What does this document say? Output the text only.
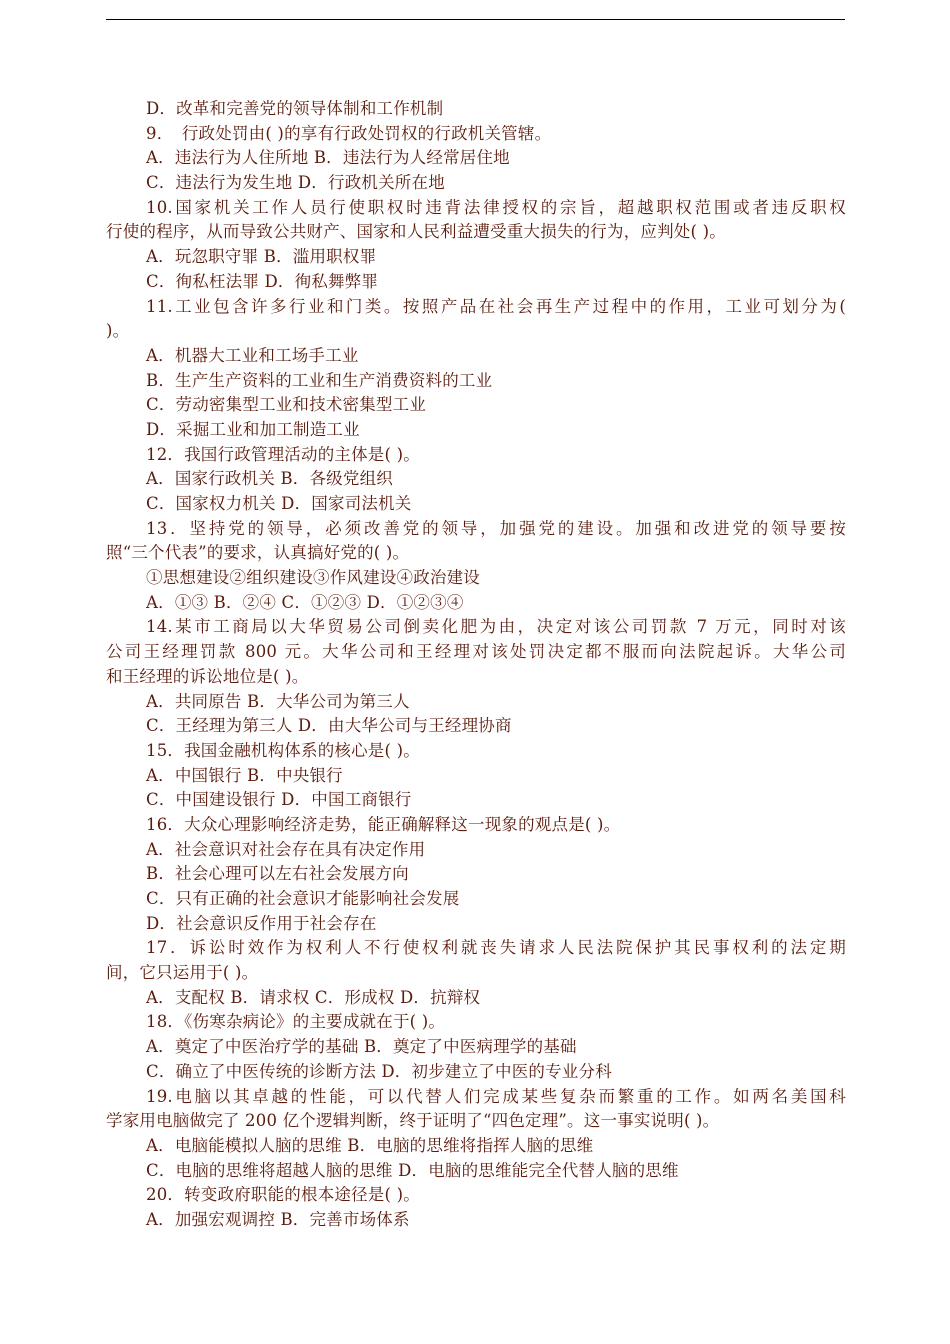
D．改革和完善党的领导体制和工作机制
9．　行政处罚由( )的享有行政处罚权的行政机关管辖。
A．违法行为人住所地 B．违法行为人经常居住地
C．违法行为发生地 D．行政机关所在地
10.国家机关工作人员行使职权时违背法律授权的宗旨，超越职权范围或者违反职权
行使的程序，从而导致公共财产、国家和人民利益遭受重大损失的行为，应判处( )。
A．玩忽职守罪 B．滥用职权罪
C．徇私枉法罪 D．徇私舞弊罪
11.工业包含许多行业和门类。按照产品在社会再生产过程中的作用，工业可划分为(
)。
A．机器大工业和工场手工业
B．生产生产资料的工业和生产消费资料的工业
C．劳动密集型工业和技术密集型工业
D．采掘工业和加工制造工业
12．我国行政管理活动的主体是( )。
A．国家行政机关 B．各级党组织
C．国家权力机关 D．国家司法机关
13．坚持党的领导，必须改善党的领导，加强党的建设。加强和改进党的领导要按
照“三个代表”的要求，认真搞好党的( )。
①思想建设②组织建设③作风建设④政治建设
A．①③ B．②④ C．①②③ D．①②③④
14.某市工商局以大华贸易公司倒卖化肥为由，决定对该公司罚款 7 万元，同时对该
公司王经理罚款 800 元。大华公司和王经理对该处罚决定都不服而向法院起诉。大华公司
和王经理的诉讼地位是( )。
A．共同原告 B．大华公司为第三人
C．王经理为第三人 D．由大华公司与王经理协商
15．我国金融机构体系的核心是( )。
A．中国银行 B．中央银行
C．中国建设银行 D．中国工商银行
16．大众心理影响经济走势，能正确解释这一现象的观点是( )。
A．社会意识对社会存在具有决定作用
B．社会心理可以左右社会发展方向
C．只有正确的社会意识才能影响社会发展
D．社会意识反作用于社会存在
17．诉讼时效作为权利人不行使权利就丧失请求人民法院保护其民事权利的法定期
间，它只运用于( )。
A．支配权 B．请求权 C．形成权 D．抗辩权
18．《伤寒杂病论》的主要成就在于( )。
A．奠定了中医治疗学的基础 B．奠定了中医病理学的基础
C．确立了中医传统的诊断方法 D．初步建立了中医的专业分科
19.电脑以其卓越的性能，可以代替人们完成某些复杂而繁重的工作。如两名美国科
学家用电脑做完了 200 亿个逻辑判断，终于证明了“四色定理”。这一事实说明( )。
A．电脑能模拟人脑的思维 B．电脑的思维将指挥人脑的思维
C．电脑的思维将超越人脑的思维 D．电脑的思维能完全代替人脑的思维
20．转变政府职能的根本途径是( )。
A．加强宏观调控 B．完善市场体系
